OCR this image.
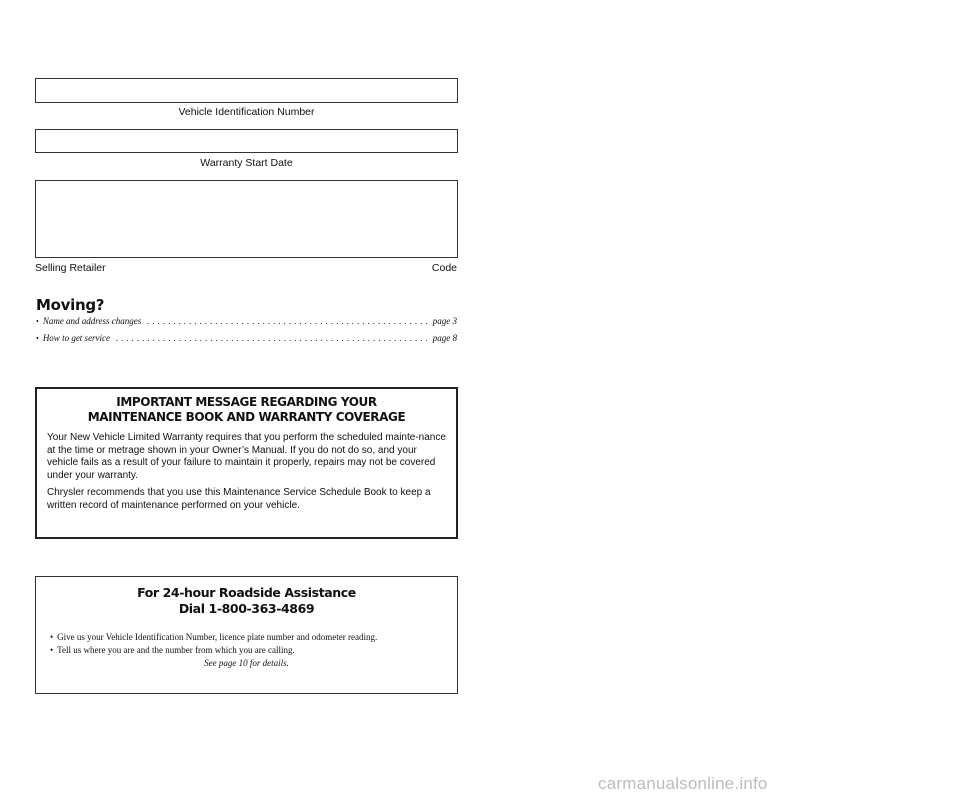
Vehicle Identification Number
Warranty Start Date
Selling Retailer	Code
Moving?
• Name and address changes .....	page 3
• How to get service .....	page 8
IMPORTANT MESSAGE REGARDING YOUR
MAINTENANCE BOOK AND WARRANTY COVERAGE

Your New Vehicle Limited Warranty requires that you perform the scheduled mainte-nance at the time or metrage shown in your Owner’s Manual. If you do not do so, and your vehicle fails as a result of your failure to maintain it properly, repairs may not be covered under your warranty.

Chrysler recommends that you use this Maintenance Service Schedule Book to keep a written record of maintenance performed on your vehicle.

For 24-hour Roadside Assistance
Dial 1-800-363-4869
• Give us your Vehicle Identification Number, licence plate number and odometer reading.
• Tell us where you are and the number from which you are calling.
See page 10 for details.
carmanualsonline.info
